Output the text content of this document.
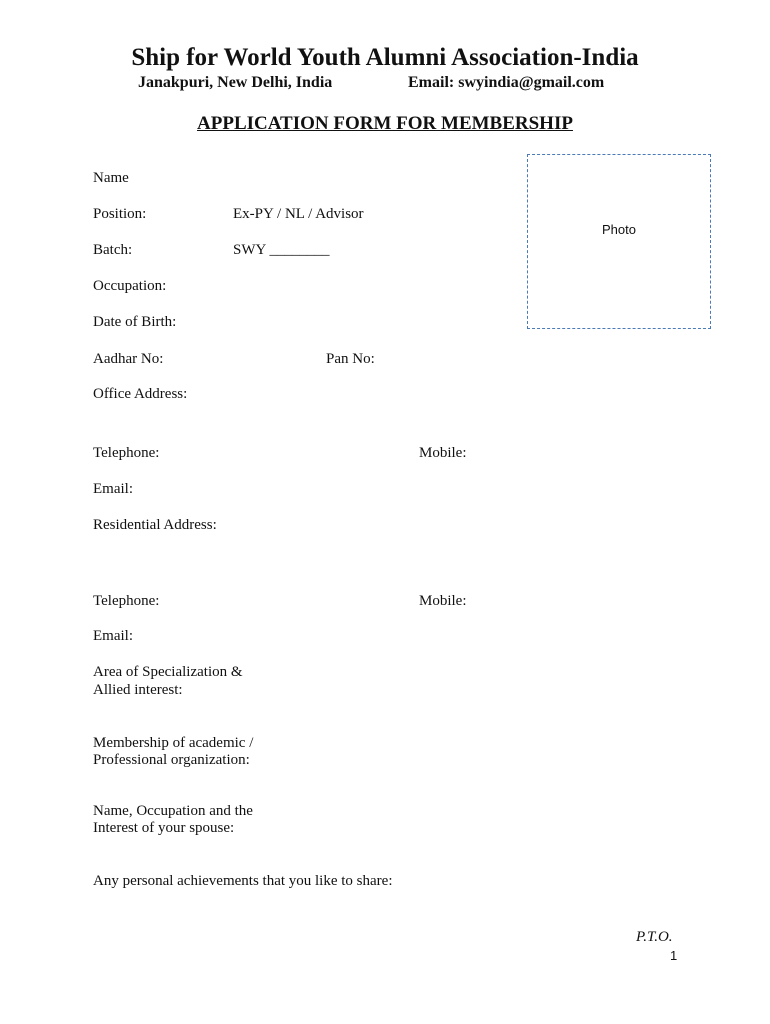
Ship for World Youth Alumni Association-India
Janakpuri, New Delhi, India	Email: swyindia@gmail.com
APPLICATION FORM FOR MEMBERSHIP
Photo
Name
Position:	Ex-PY / NL / Advisor
Batch:	SWY ________
Occupation:
Date of Birth:
Aadhar No:	Pan No:
Office Address:
Telephone:	Mobile:
Email:
Residential Address:
Telephone:	Mobile:
Email:
Area of Specialization &
Allied interest:
Membership of academic /
Professional organization:
Name, Occupation and the
Interest of your spouse:
Any personal achievements that you like to share:
P.T.O.
1
